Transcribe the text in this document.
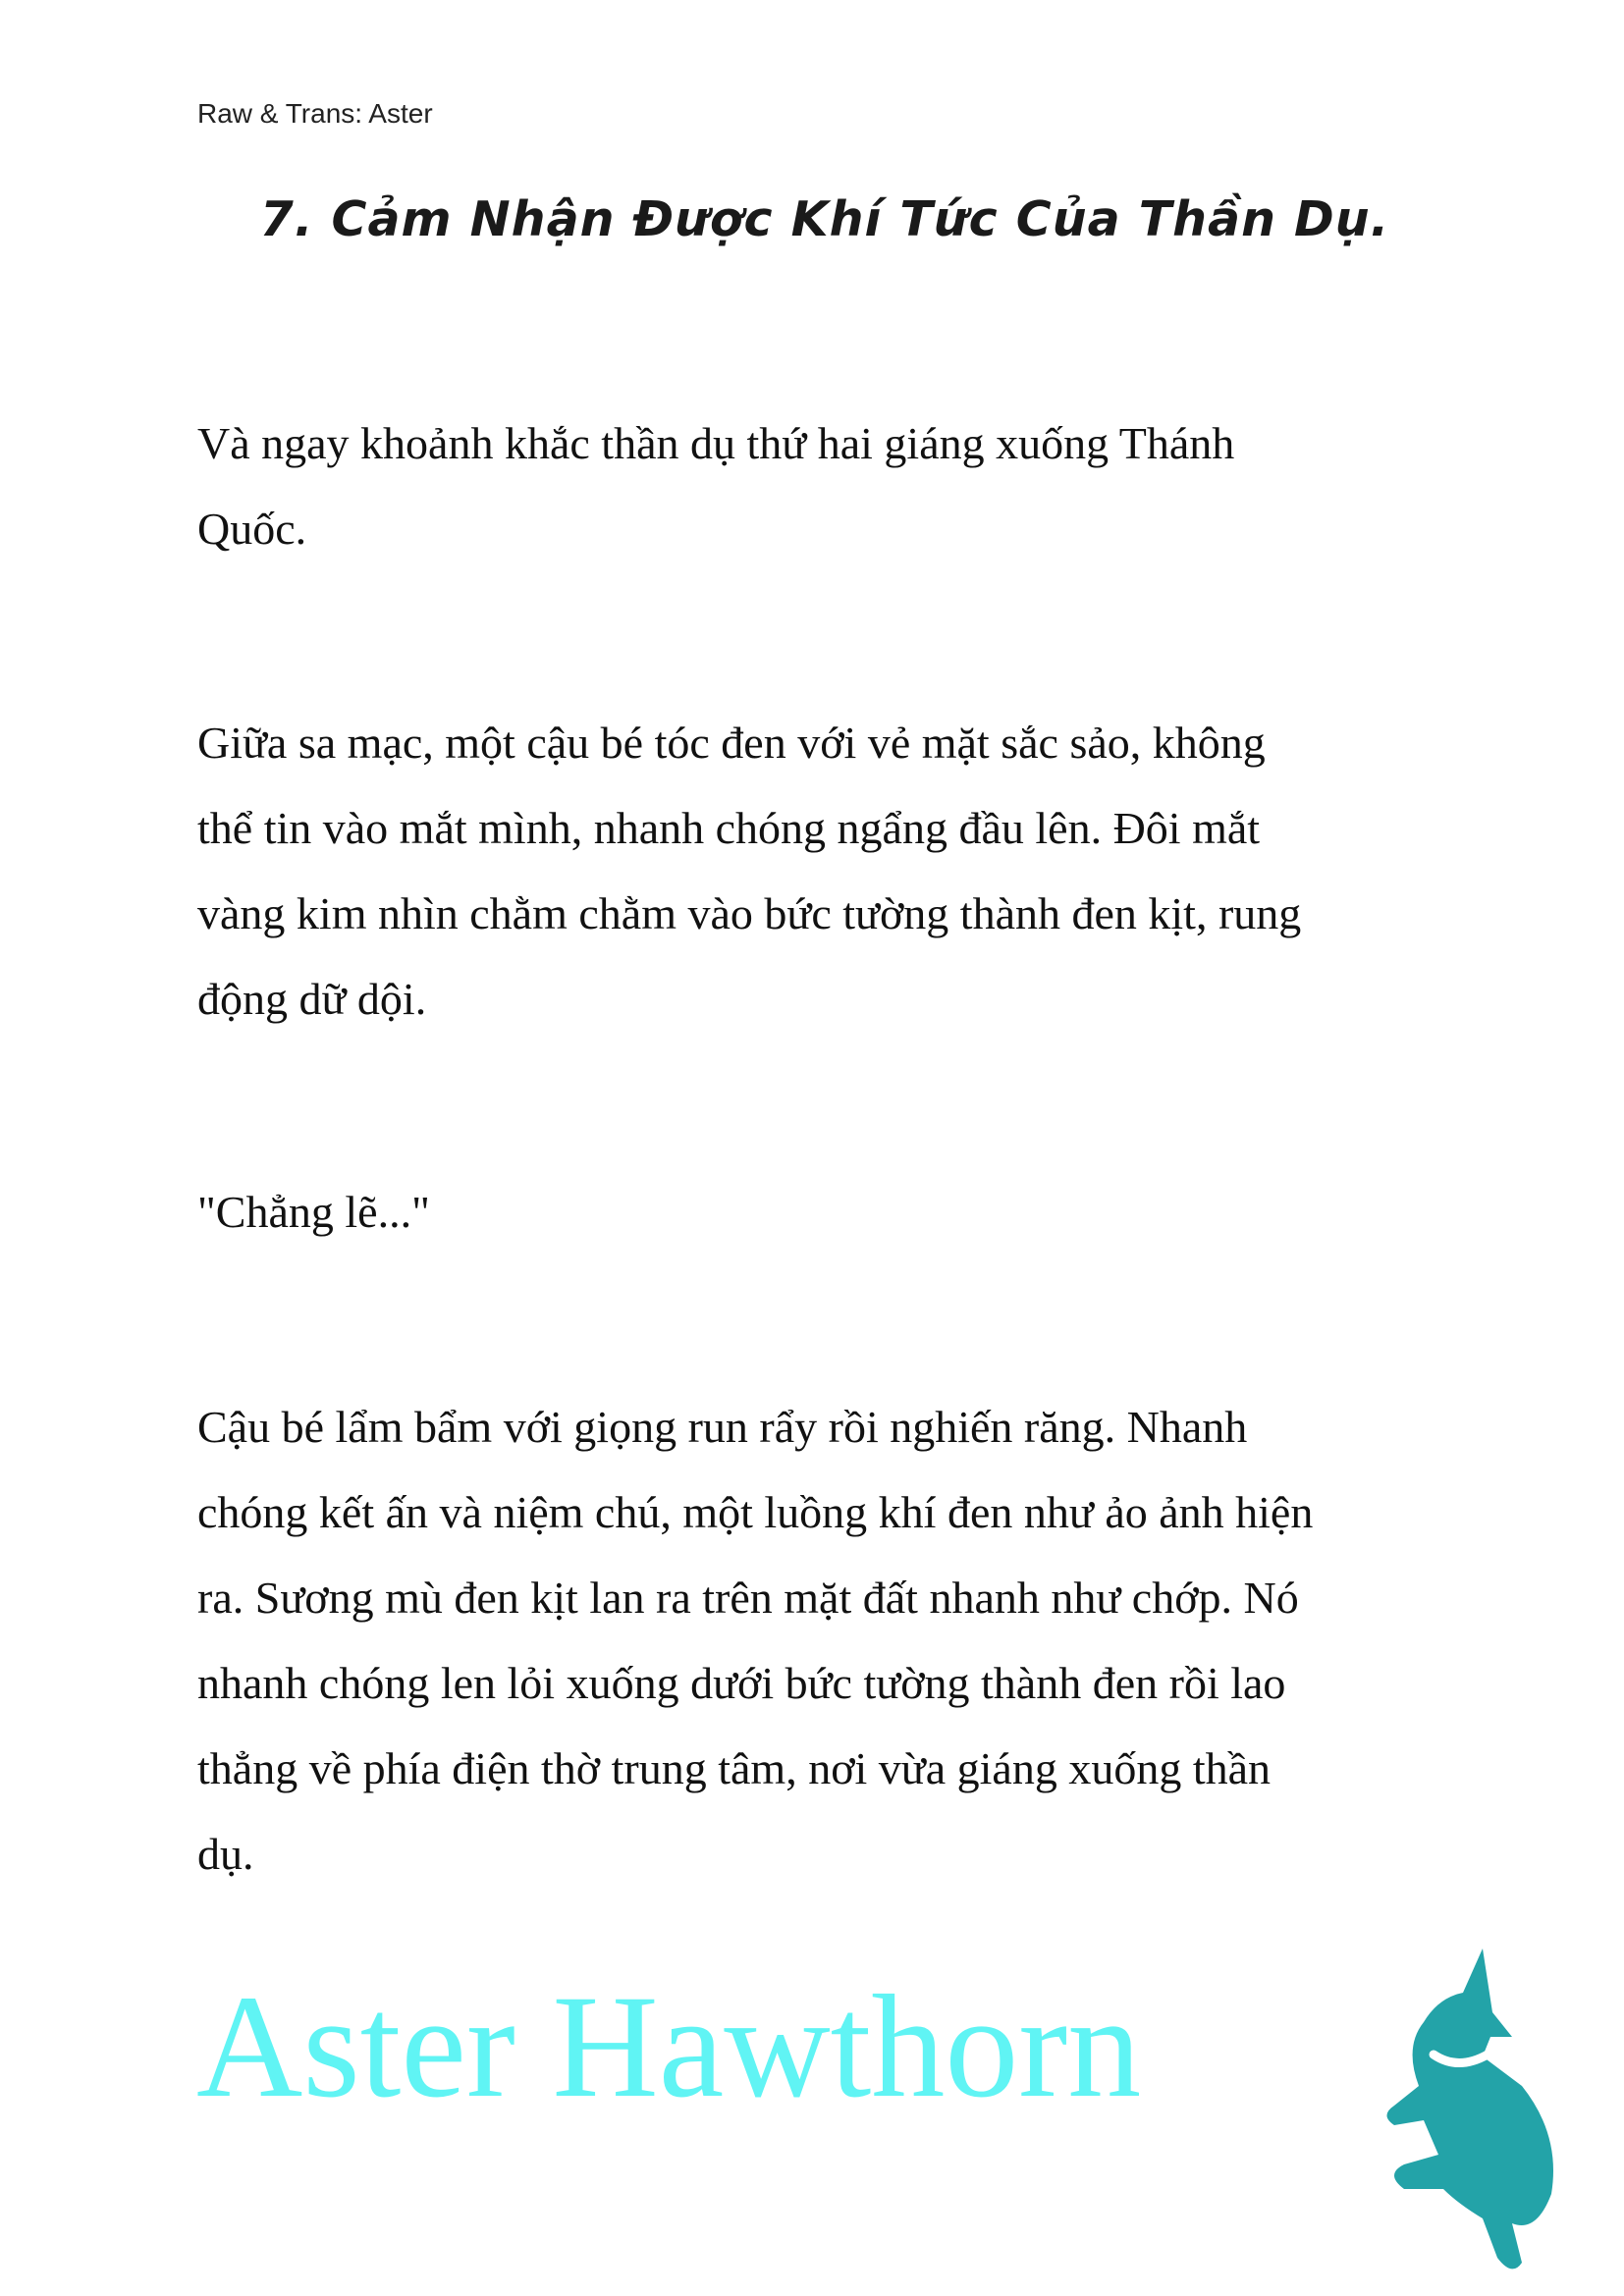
Raw & Trans: Aster
7. Cảm Nhận Được Khí Tức Của Thần Dụ.
Và ngay khoảnh khắc thần dụ thứ hai giáng xuống Thánh
Quốc.
Giữa sa mạc, một cậu bé tóc đen với vẻ mặt sắc sảo, không
thể tin vào mắt mình, nhanh chóng ngẩng đầu lên. Đôi mắt
vàng kim nhìn chằm chằm vào bức tường thành đen kịt, rung
động dữ dội.
"Chẳng lẽ..."
Cậu bé lẩm bẩm với giọng run rẩy rồi nghiến răng. Nhanh
chóng kết ấn và niệm chú, một luồng khí đen như ảo ảnh hiện
ra. Sương mù đen kịt lan ra trên mặt đất nhanh như chớp. Nó
nhanh chóng len lỏi xuống dưới bức tường thành đen rồi lao
thẳng về phía điện thờ trung tâm, nơi vừa giáng xuống thần
dụ.
Aster Hawthorn
